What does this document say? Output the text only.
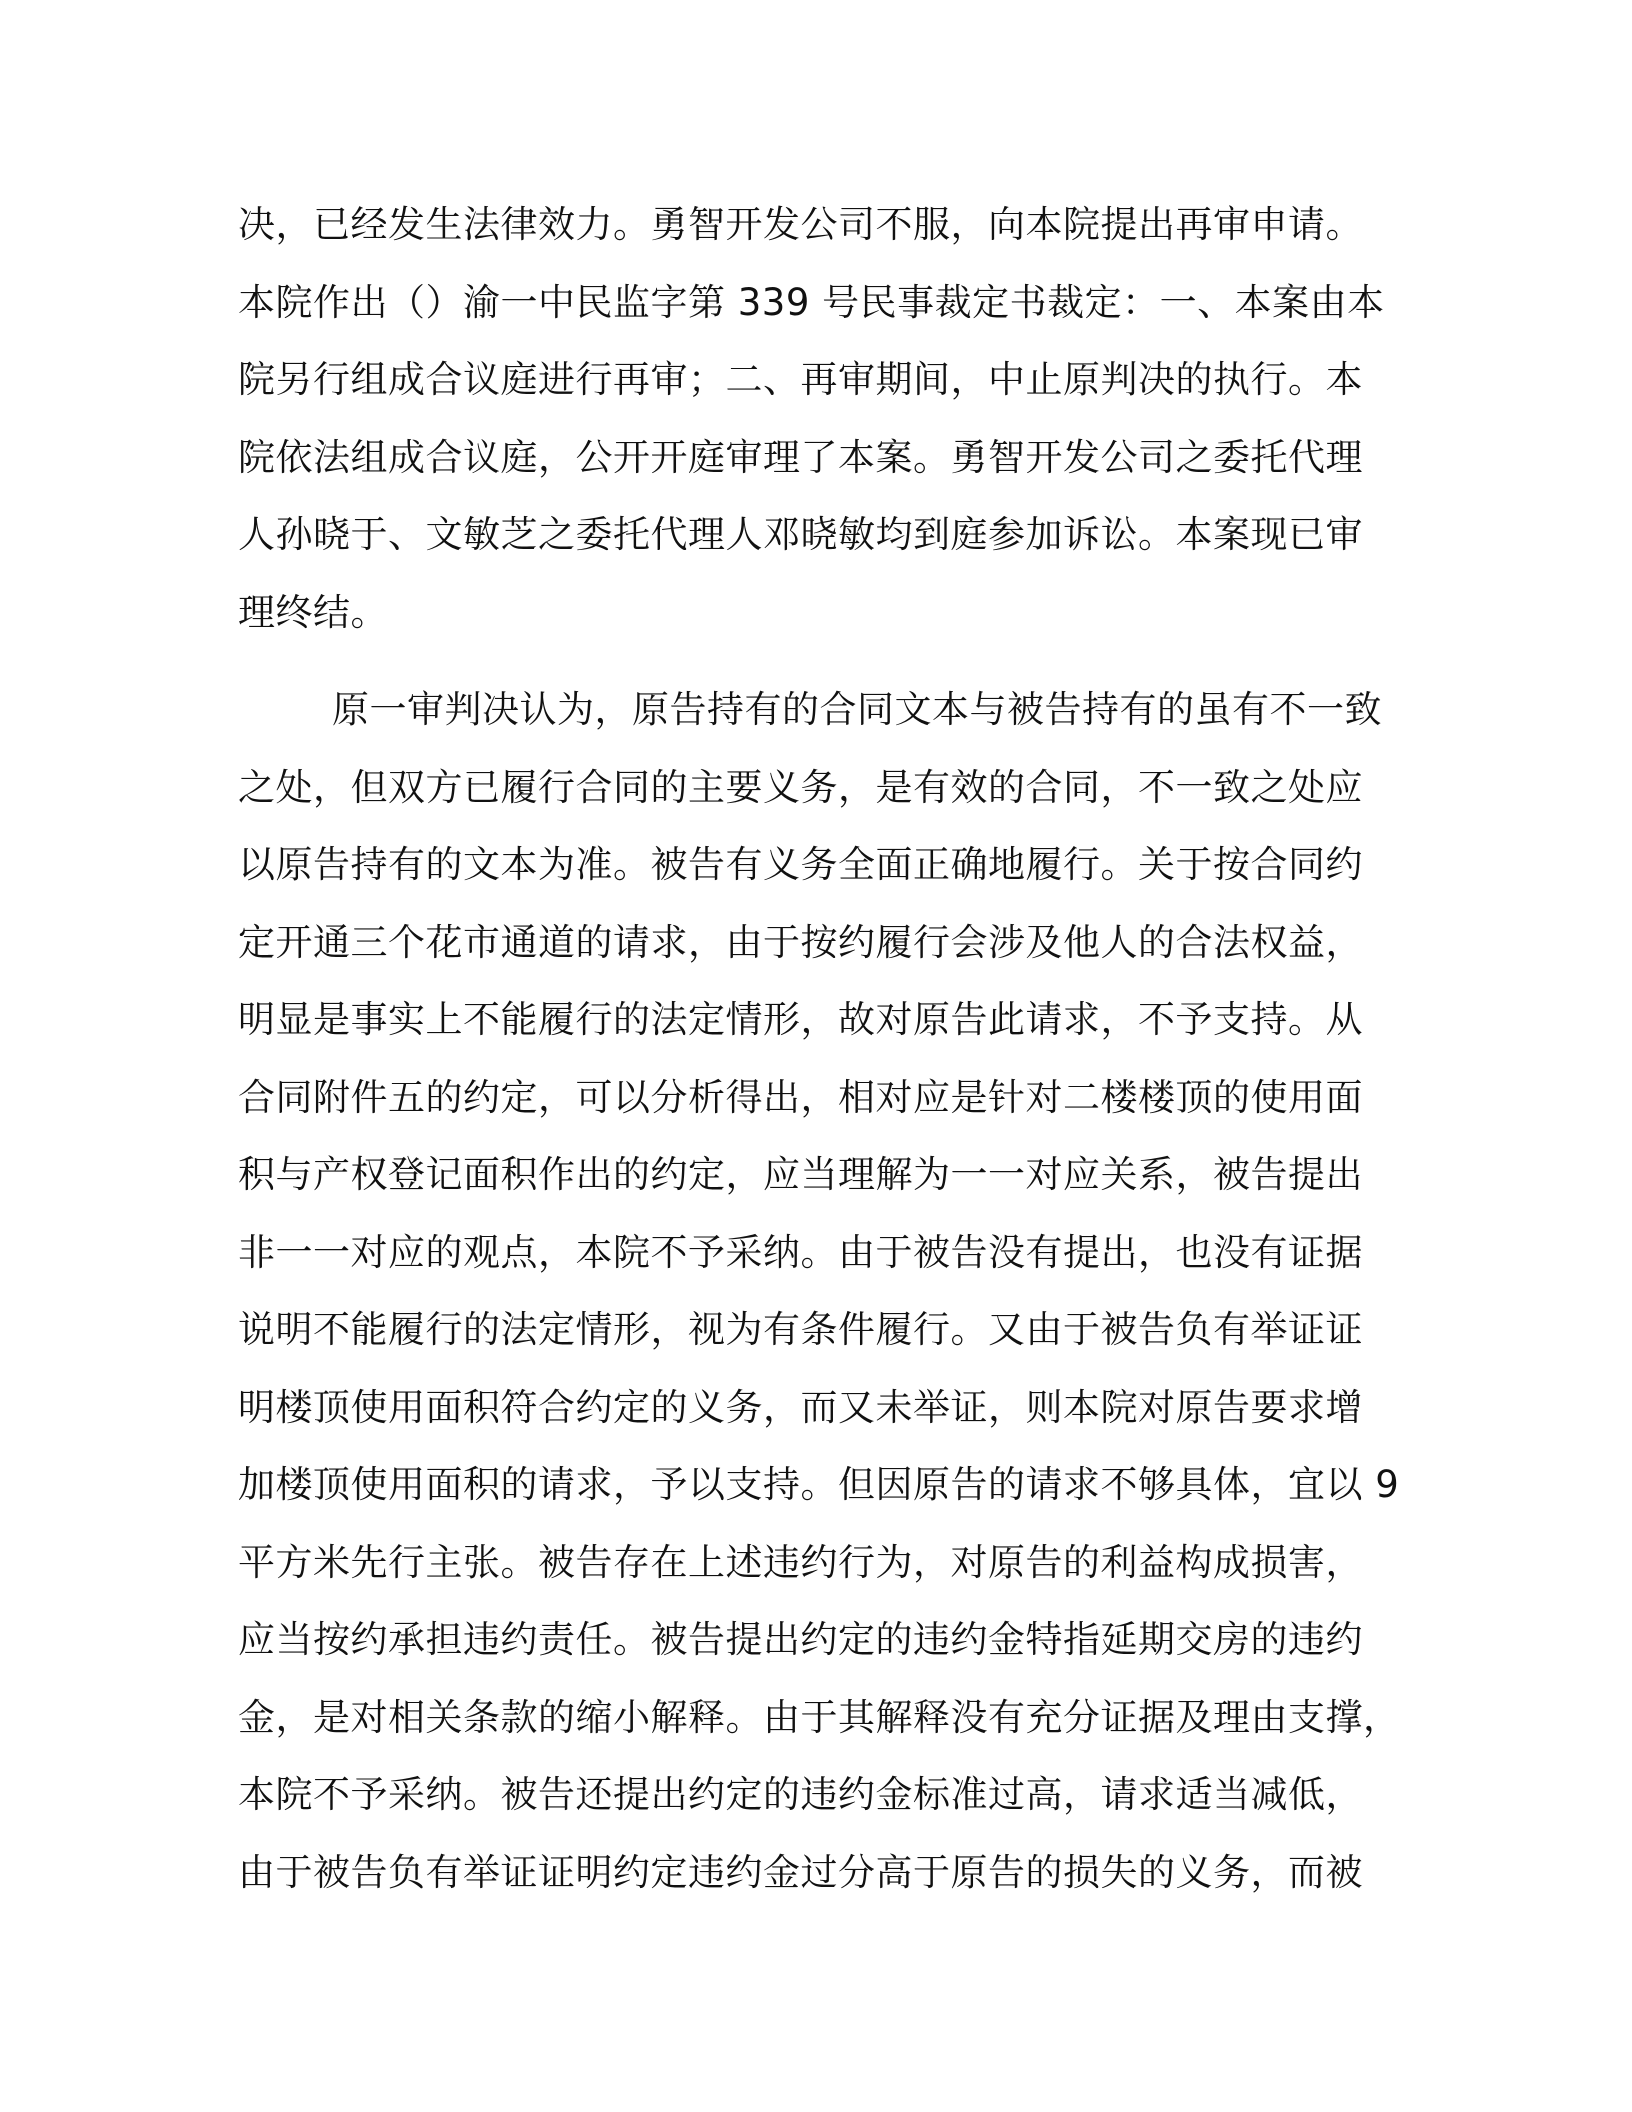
决，已经发生法律效力。勇智开发公司不服，向本院提出再审申请。
本院作出（）渝一中民监字第 339 号民事裁定书裁定：一、本案由本
院另行组成合议庭进行再审；二、再审期间，中止原判决的执行。本
院依法组成合议庭，公开开庭审理了本案。勇智开发公司之委托代理
人孙晓于、文敏芝之委托代理人邓晓敏均到庭参加诉讼。本案现已审
理终结。
原一审判决认为，原告持有的合同文本与被告持有的虽有不一致
之处，但双方已履行合同的主要义务，是有效的合同，不一致之处应
以原告持有的文本为准。被告有义务全面正确地履行。关于按合同约
定开通三个花市通道的请求，由于按约履行会涉及他人的合法权益，
明显是事实上不能履行的法定情形，故对原告此请求，不予支持。从
合同附件五的约定，可以分析得出，相对应是针对二楼楼顶的使用面
积与产权登记面积作出的约定，应当理解为一一对应关系，被告提出
非一一对应的观点，本院不予采纳。由于被告没有提出，也没有证据
说明不能履行的法定情形，视为有条件履行。又由于被告负有举证证
明楼顶使用面积符合约定的义务，而又未举证，则本院对原告要求增
加楼顶使用面积的请求，予以支持。但因原告的请求不够具体，宜以 9
平方米先行主张。被告存在上述违约行为，对原告的利益构成损害，
应当按约承担违约责任。被告提出约定的违约金特指延期交房的违约
金，是对相关条款的缩小解释。由于其解释没有充分证据及理由支撑，
本院不予采纳。被告还提出约定的违约金标准过高，请求适当减低，
由于被告负有举证证明约定违约金过分高于原告的损失的义务，而被
